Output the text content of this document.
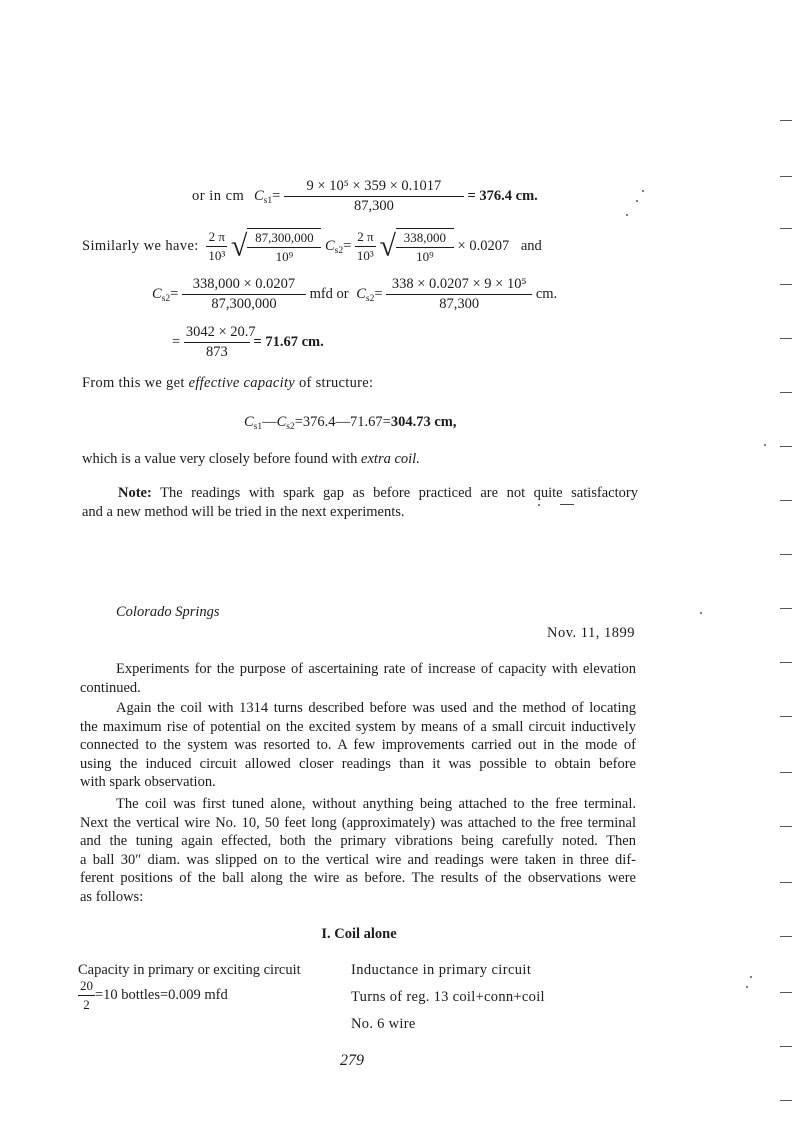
or in cm $C_{s1}= \frac{\text{9 × 10⁵ × 359 × 0.1017}}{87,300} = 376.4$ cm.
Similarly we have: $\frac{2 \pi}{\text{10³}}$ √ $\frac{87,300,000}{\text{10⁹}} C_{s2}= \frac{2 \pi}{\text{10³}}$ √ $\frac{338,000}{\text{10⁹}} \times 0.0207$ and
$C_{s2}= \frac{338,000 \times 0.0207}{87,300,000}$ mfd or $C_{s2}= \frac{\text{338 × 0.0207 × 9 × 10⁵}}{87,300}$ cm.
= $\frac{3042 \times 20.7}{873} = 71.67$ cm.
From this we get effective capacity of structure:
$C_{s1}—C_{s2}=376.4—71.67=304.73$ cm,
which is a value very closely before found with extra coil.
Note: The readings with spark gap as before practiced are not quite satisfactory
and a new method will be tried in the next experiments.
Colorado Springs
Nov. 11, 1899
Experiments for the purpose of ascertaining rate of increase of capacity with elevation
continued.
Again the coil with 1314 turns described before was used and the method of locating
the maximum rise of potential on the excited system by means of a small circuit inductively
connected to the system was resorted to. A few improvements carried out in the mode of
using the induced circuit allowed closer readings than it was possible to obtain before
with spark observation.
The coil was first tuned alone, without anything being attached to the free terminal.
Next the vertical wire No. 10, 50 feet long (approximately) was attached to the free terminal
and the tuning again effected, both the primary vibrations being carefully noted. Then
a ball 30″ diam. was slipped on to the vertical wire and readings were taken in three dif-
ferent positions of the ball along the wire as before. The results of the observations were
as follows:
I. Coil alone
Capacity in primary or exciting circuit
$\frac{20}{2} =10$ bottles=0.009 mfd
Inductance in primary circuit
Turns of reg. 13 coil+conn+coil
No. 6 wire
279
